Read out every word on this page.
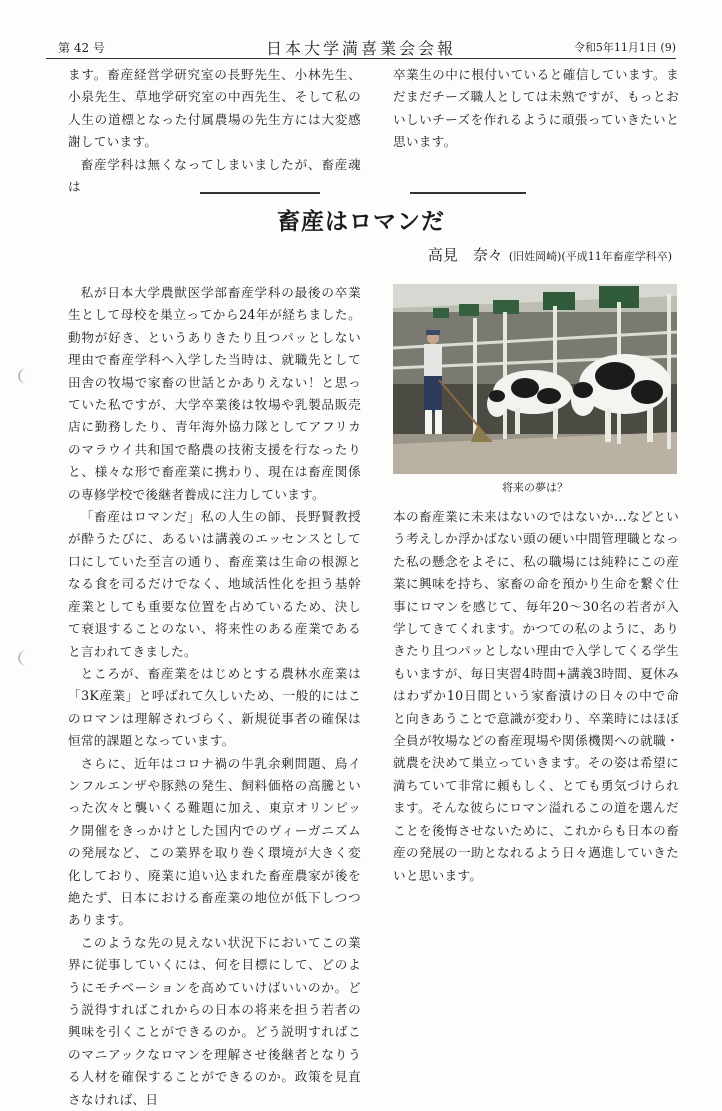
第 42 号	日本大学満喜業会会報	令和5年11月1日 (9)

ます。畜産経営学研究室の長野先生、小林先生、小泉先生、草地学研究室の中西先生、そして私の人生の道標となった付属農場の先生方には大変感謝しています。

畜産学科は無くなってしまいましたが、畜産魂は

卒業生の中に根付いていると確信しています。まだまだチーズ職人としては未熟ですが、もっとおいしいチーズを作れるように頑張っていきたいと思います。

畜産はロマンだ
高見　奈々 (旧姓岡崎)(平成11年畜産学科卒)

私が日本大学農獣医学部畜産学科の最後の卒業生として母校を巣立ってから24年が経ちました。動物が好き、というありきたり且つパッとしない理由で畜産学科へ入学した当時は、就職先として田舎の牧場で家畜の世話とかありえない！と思っていた私ですが、大学卒業後は牧場や乳製品販売店に勤務したり、青年海外協力隊としてアフリカのマラウイ共和国で酪農の技術支援を行なったりと、様々な形で畜産業に携わり、現在は畜産関係の専修学校で後継者養成に注力しています。

「畜産はロマンだ」私の人生の師、長野賢教授が酔うたびに、あるいは講義のエッセンスとして口にしていた至言の通り、畜産業は生命の根源となる食を司るだけでなく、地域活性化を担う基幹産業としても重要な位置を占めているため、決して衰退することのない、将来性のある産業であると言われてきました。

ところが、畜産業をはじめとする農林水産業は「3K産業」と呼ばれて久しいため、一般的にはこのロマンは理解されづらく、新規従事者の確保は恒常的課題となっています。

さらに、近年はコロナ禍の牛乳余剰問題、鳥インフルエンザや豚熱の発生、飼料価格の高騰といった次々と襲いくる難題に加え、東京オリンピック開催をきっかけとした国内でのヴィーガニズムの発展など、この業界を取り巻く環境が大きく変化しており、廃業に追い込まれた畜産農家が後を絶たず、日本における畜産業の地位が低下しつつあります。

このような先の見えない状況下においてこの業界に従事していくには、何を目標にして、どのようにモチベーションを高めていけばいいのか。どう説得すればこれからの日本の将来を担う若者の興味を引くことができるのか。どう説明すればこのマニアックなロマンを理解させ後継者となりうる人材を確保することができるのか。政策を見直さなければ、日

将来の夢は？

本の畜産業に未来はないのではないか…などという考えしか浮かばない頭の硬い中間管理職となった私の懸念をよそに、私の職場には純粋にこの産業に興味を持ち、家畜の命を預かり生命を繋ぐ仕事にロマンを感じて、毎年20～30名の若者が入学してきてくれます。かつての私のように、ありきたり且つパッとしない理由で入学してくる学生もいますが、毎日実習4時間+講義3時間、夏休みはわずか10日間という家畜漬けの日々の中で命と向きあうことで意識が変わり、卒業時にはほぼ全員が牧場などの畜産現場や関係機関への就職・就農を決めて巣立っていきます。その姿は希望に満ちていて非常に頼もしく、とても勇気づけられます。そんな彼らにロマン溢れるこの道を選んだことを後悔させないために、これからも日本の畜産の発展の一助となれるよう日々邁進していきたいと思います。
